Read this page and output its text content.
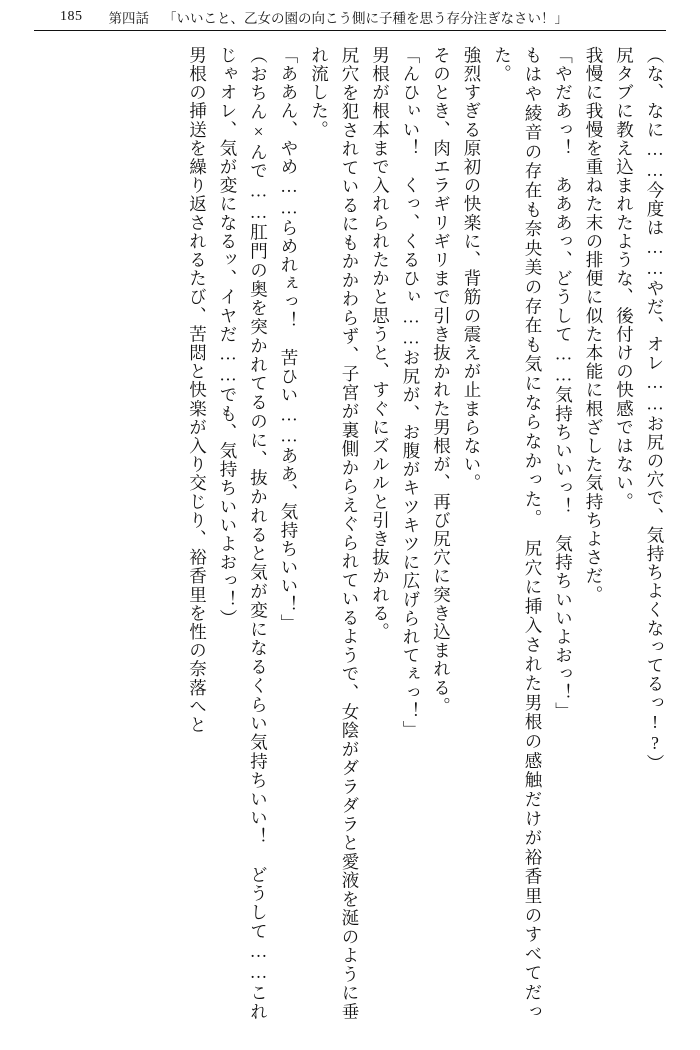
185 第四話 「いいこと、乙女の園の向こう側に子種を思う存分注ぎなさい！」

（な、なに……今度は……やだ、オレ……お尻の穴で、気持ちよくなってるっ!?）

尻タブに教え込まれたような、後付けの快感ではない。

我慢に我慢を重ねた末の排便に似た本能に根ざした気持ちよさだ。

「やだあっ！　あああっ、どうして……気持ちいいっ！　気持ちいいよおっ！」

もはや綾音の存在も奈央美の存在も気にならなかった。　尻穴に挿入された男根の感触だけが裕香里のすべてだった。

強烈すぎる原初の快楽に、背筋の震えが止まらない。

そのとき、肉エラギリギリまで引き抜かれた男根が、再び尻穴に突き込まれる。

「んひぃい！　くっ、くるひぃ……お尻が、お腹がキツキツに広げられてぇっ！」

男根が根本まで入れられたかと思うと、すぐにズルルと引き抜かれる。

尻穴を犯されているにもかかわらず、子宮が裏側からえぐられているようで、女陰がダラダラと愛液を涎のように垂れ流した。

「ああん、やめ……らめれぇっ！　苦ひい……ああ、気持ちいい！」

（おちん×んで……肛門の奥を突かれてるのに、抜かれると気が変になるくらい気持ちいい！　どうして……これじゃオレ、気が変になるッ、イヤだ……でも、気持ちいいよおっ！）

男根の挿送を繰り返されるたび、苦悶と快楽が入り交じり、裕香里を性の奈落へと
